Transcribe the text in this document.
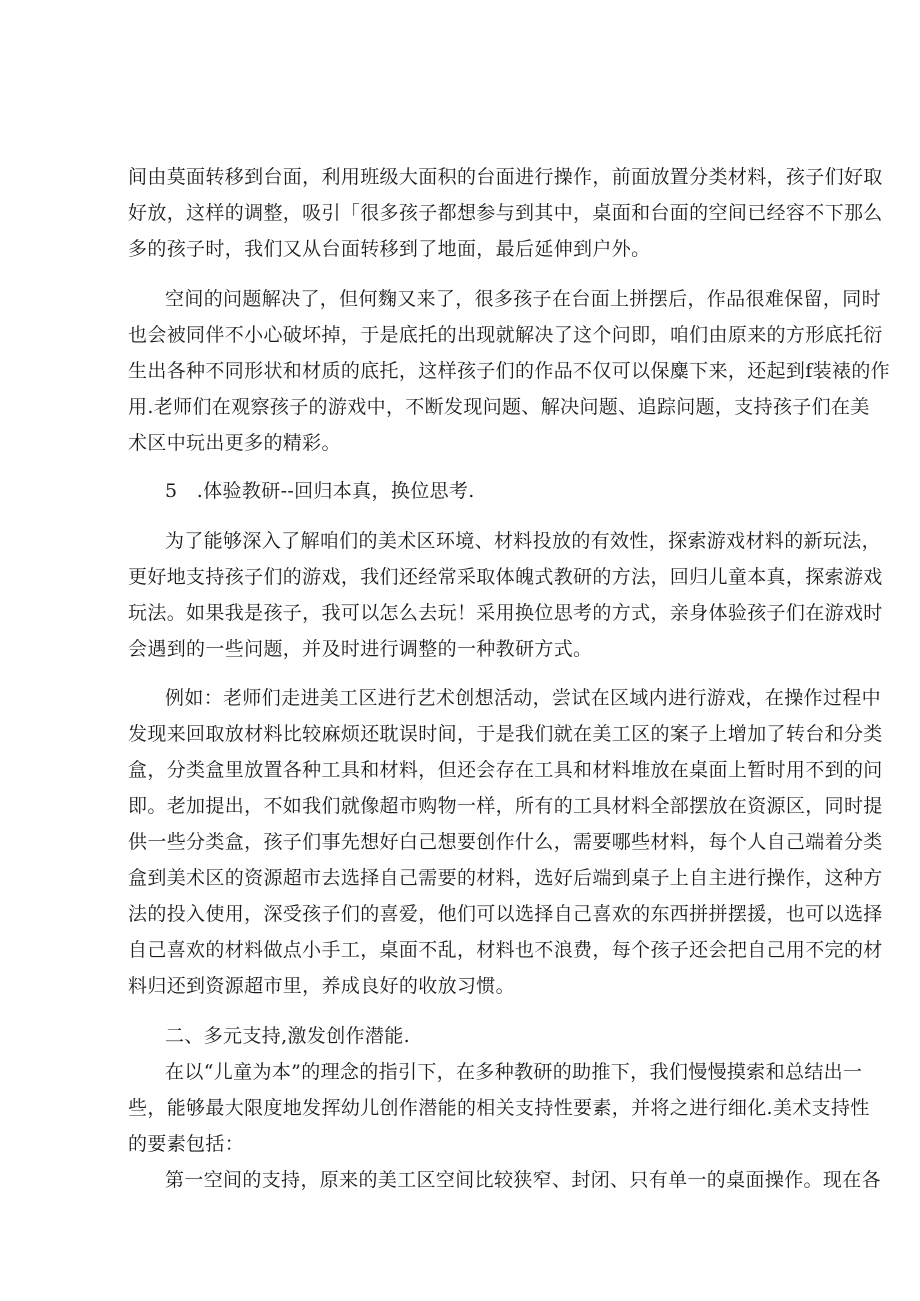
间由莫面转移到台面，利用班级大面积的台面进行操作，前面放置分类材料，孩子们好取
好放，这样的调整，吸引「很多孩子都想参与到其中，桌面和台面的空间已经容不下那么
多的孩子时，我们又从台面转移到了地面，最后延伸到户外。
空间的问题解决了，但何麴又来了，很多孩子在台面上拼摆后，作品很难保留，同时
也会被同伴不小心破坏掉，于是底托的出现就解决了这个问即，咱们由原来的方形底托衍
生出各种不同形状和材质的底托，这样孩子们的作品不仅可以保麋下来，还起到f装裱的作
用.老师们在观察孩子的游戏中，不断发现问题、解决问题、追踪问题，支持孩子们在美
术区中玩出更多的精彩。
5　.体验教研--回归本真，换位思考.
为了能够深入了解咱们的美术区环境、材料投放的有效性，探索游戏材料的新玩法，
更好地支持孩子们的游戏，我们还经常采取体魄式教研的方法，回归儿童本真，探索游戏
玩法。如果我是孩子，我可以怎么去玩！采用换位思考的方式，亲身体验孩子们在游戏时
会遇到的一些问题，并及时进行调整的一种教研方式。
例如：老师们走进美工区进行艺术创想活动，尝试在区域内进行游戏，在操作过程中
发现来回取放材料比较麻烦还耽误时间，于是我们就在美工区的案子上增加了转台和分类
盒，分类盒里放置各种工具和材料，但还会存在工具和材料堆放在桌面上暂时用不到的问
即。老加提出，不如我们就像超市购物一样，所有的工具材料全部摆放在资源区，同时提
供一些分类盒，孩子们事先想好白己想要创作什么，需要哪些材料，每个人自己端着分类
盒到美术区的资源超市去选择自己需要的材料，选好后端到桌子上自主进行操作，这种方
法的投入使用，深受孩子们的喜爱，他们可以选择自己喜欢的东西拼拼摆援，也可以选择
自己喜欢的材料做点小手工，桌面不乱，材料也不浪费，每个孩子还会把自己用不完的材
料归还到资源超市里，养成良好的收放习惯。
二、多元支持,激发创作潜能.
在以“儿童为本”的理念的指引下，在多种教研的助推下，我们慢慢摸索和总结出一
些，能够最大限度地发挥幼儿创作潜能的相关支持性要素，并将之进行细化.美术支持性
的要素包括：
第一空间的支持，原来的美工区空间比较狭窄、封闭、只有单一的桌面操作。现在各
